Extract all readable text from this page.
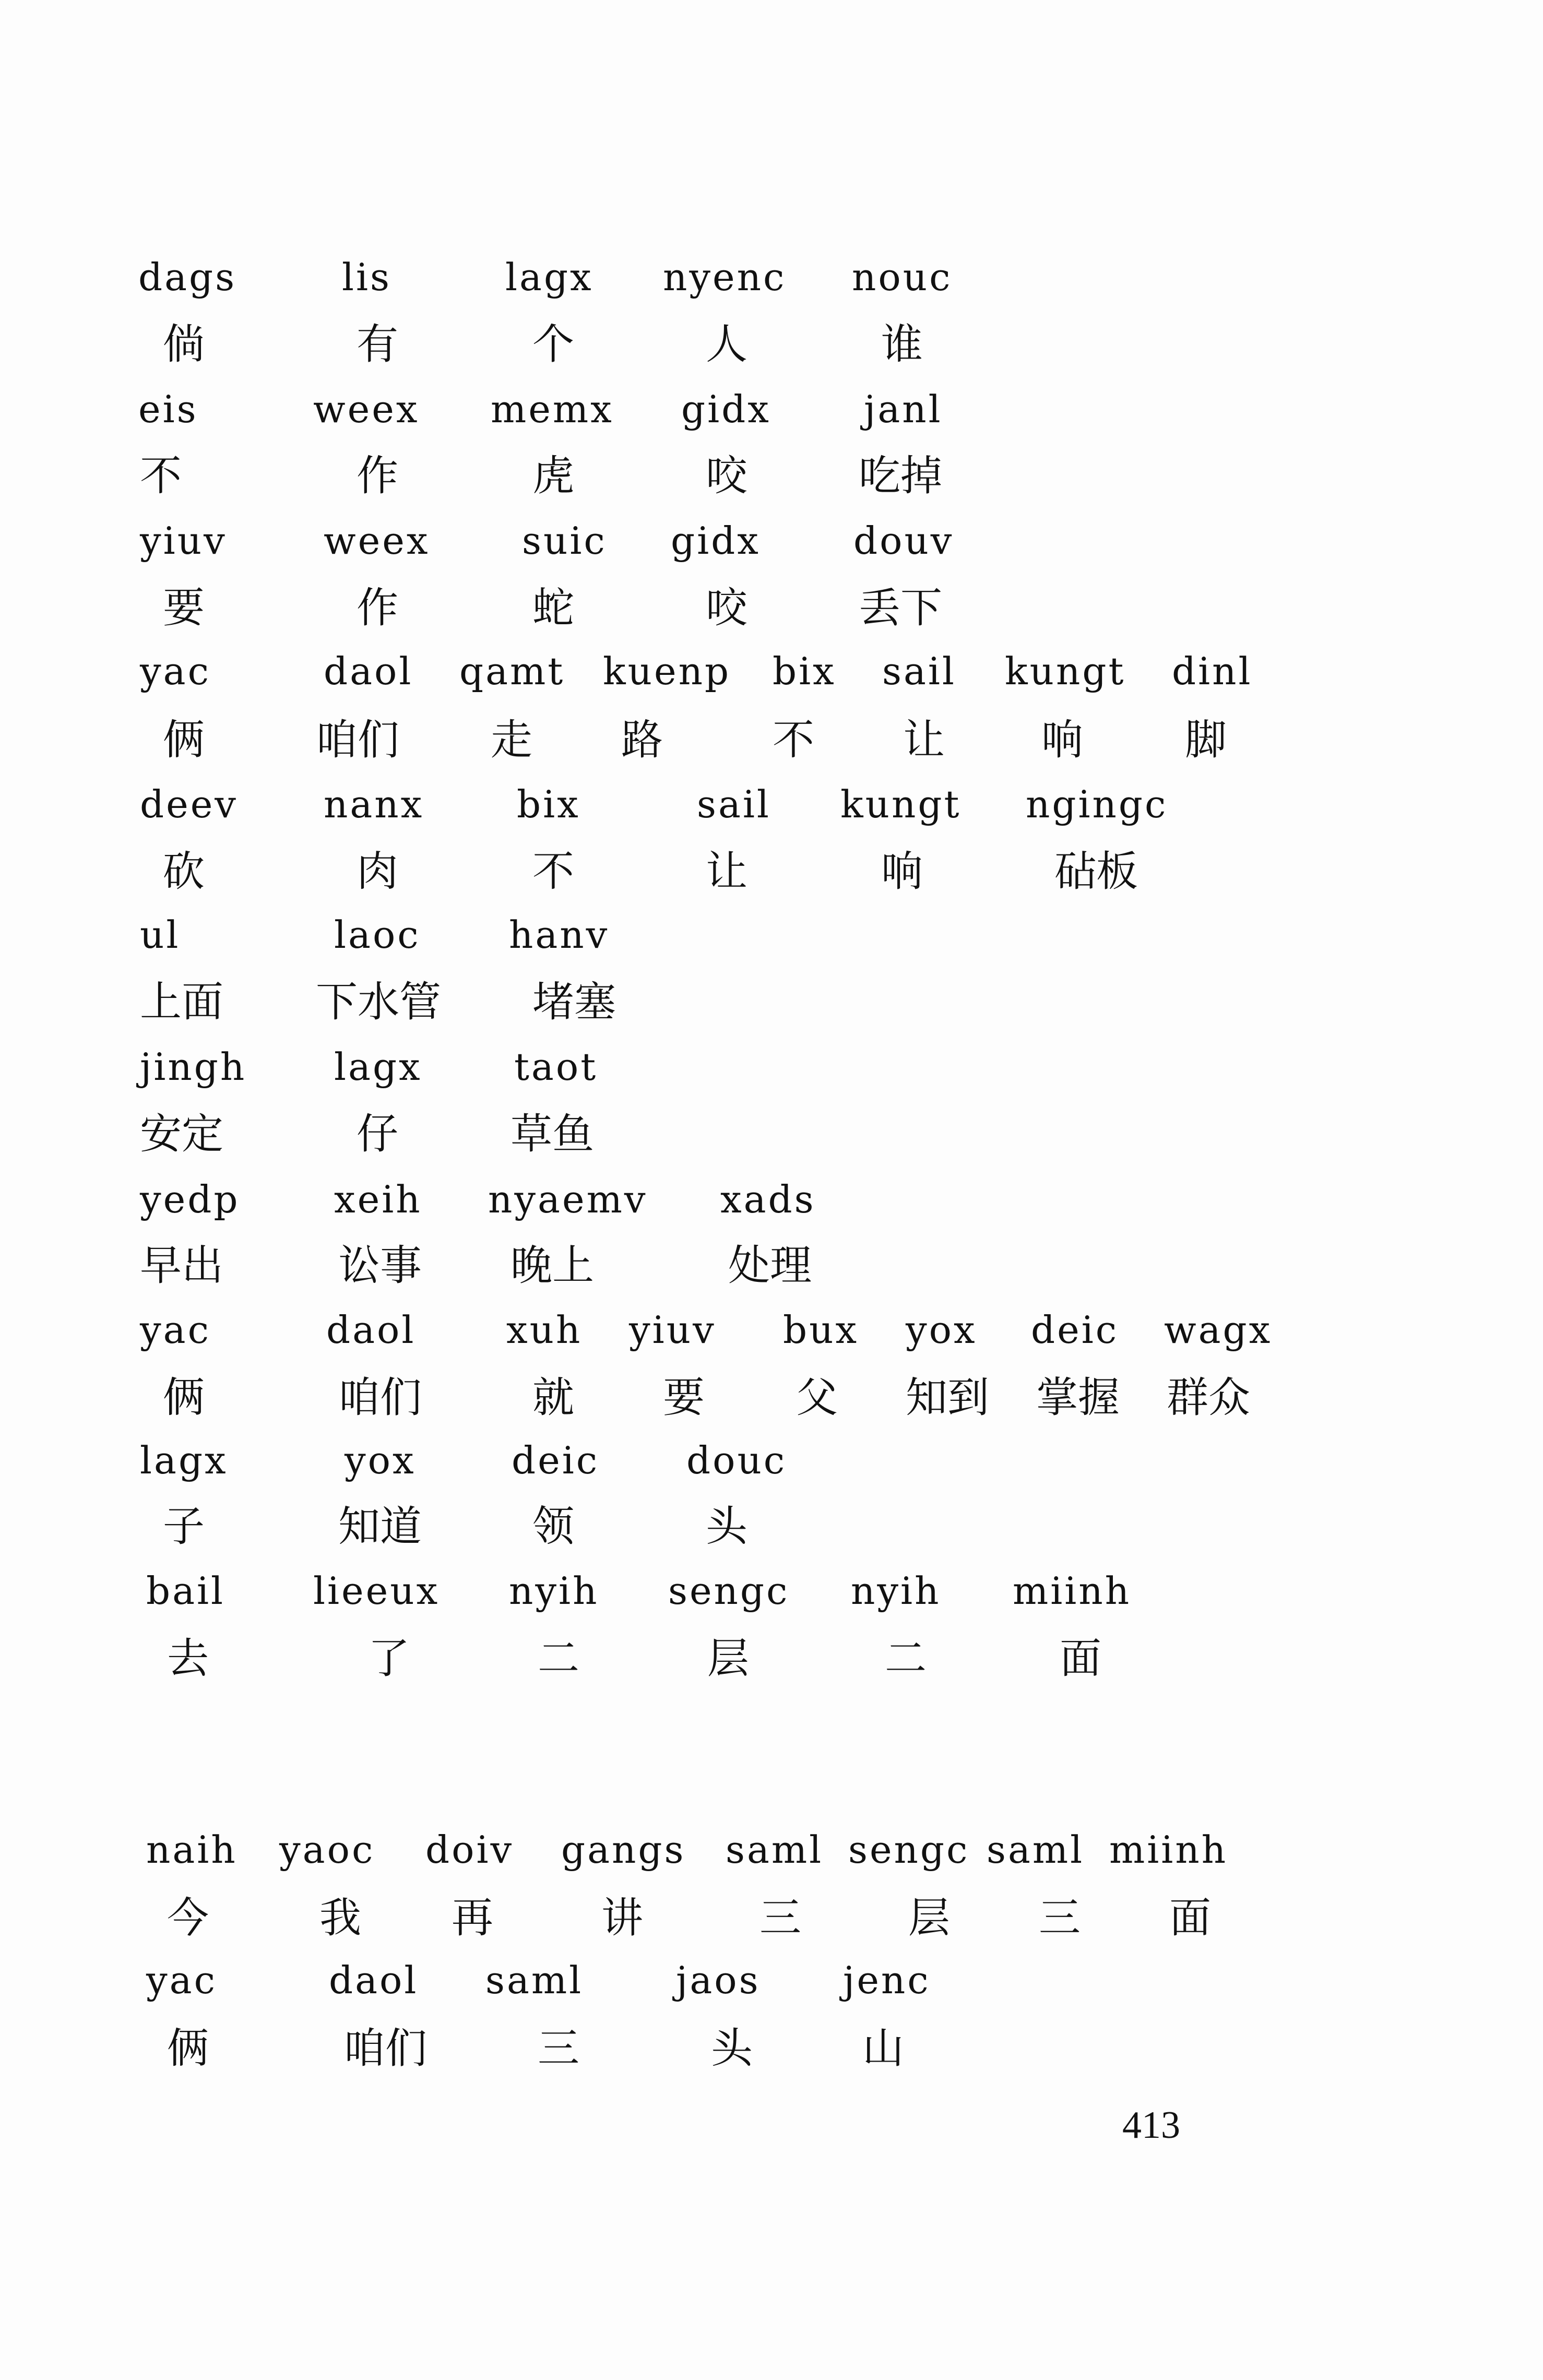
dags	lis	lagx nyenc nouc
倘	有	个	人	谁
eis	weex memx gidx janl
不	作	虎	咬	吃掉
yiuv	weex suic gidx douv
要	作	蛇	咬	丢下
yac	daol qamt kuenp bix sail kungt dinl
俩	咱们 走 路	不 让 响 脚
deev nanx bix	sail kungt ngingc
砍	肉	不	让	响	砧板
ul	laoc hanv
上面 下水管 堵塞
jingh lagx taot
安定	仔	草鱼
yedp	xeih nyaemv xads
早出	讼事 晚上	处理
yac	daol xuh yiuv bux yox deic wagx
俩	咱们	就 要 父 知到 掌握 群众
lagx	yox	deic douc
子	知道	领	头
bail lieeux nyih sengc nyih miinh
去	了	二	层	二	面
naih yaoc doiv gangs saml sengc saml miinh
今	我 再	讲	三	层 三 面
yac	daol saml jaos jenc
俩	咱们	三	头	山
413
